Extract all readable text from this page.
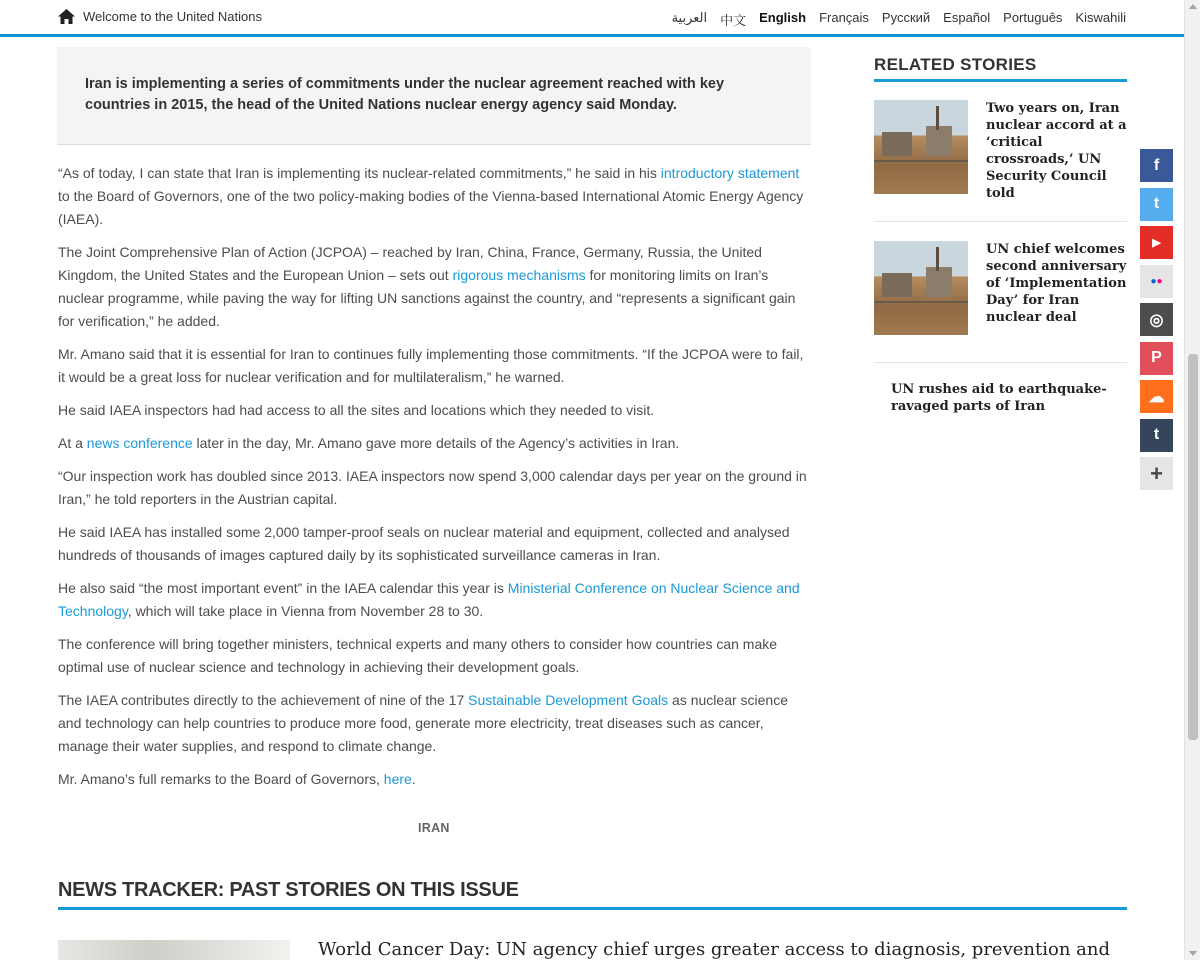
Welcome to the United Nations	العربية 中文 English Français Русский Español Português Kiswahili
Iran is implementing a series of commitments under the nuclear agreement reached with key countries in 2015, the head of the United Nations nuclear energy agency said Monday.

“As of today, I can state that Iran is implementing its nuclear-related commitments,” he said in his introductory statement to the Board of Governors, one of the two policy-making bodies of the Vienna-based International Atomic Energy Agency (IAEA).

The Joint Comprehensive Plan of Action (JCPOA) – reached by Iran, China, France, Germany, Russia, the United Kingdom, the United States and the European Union – sets out rigorous mechanisms for monitoring limits on Iran’s nuclear programme, while paving the way for lifting UN sanctions against the country, and “represents a significant gain for verification,” he added.

Mr. Amano said that it is essential for Iran to continues fully implementing those commitments. “If the JCPOA were to fail, it would be a great loss for nuclear verification and for multilateralism,” he warned.

He said IAEA inspectors had had access to all the sites and locations which they needed to visit.

At a news conference later in the day, Mr. Amano gave more details of the Agency’s activities in Iran.

“Our inspection work has doubled since 2013. IAEA inspectors now spend 3,000 calendar days per year on the ground in Iran,” he told reporters in the Austrian capital.

He said IAEA has installed some 2,000 tamper-proof seals on nuclear material and equipment, collected and analysed hundreds of thousands of images captured daily by its sophisticated surveillance cameras in Iran.

He also said “the most important event” in the IAEA calendar this year is Ministerial Conference on Nuclear Science and Technology, which will take place in Vienna from November 28 to 30.

The conference will bring together ministers, technical experts and many others to consider how countries can make optimal use of nuclear science and technology in achieving their development goals.

The IAEA contributes directly to the achievement of nine of the 17 Sustainable Development Goals as nuclear science and technology can help countries to produce more food, generate more electricity, treat diseases such as cancer, manage their water supplies, and respond to climate change.

Mr. Amano’s full remarks to the Board of Governors, here.

IRAN
RELATED STORIES
Two years on, Iran nuclear accord at a ‘critical crossroads,’ UN Security Council told
UN chief welcomes second anniversary of ‘Implementation Day’ for Iran nuclear deal
UN rushes aid to earthquake-ravaged parts of Iran
f
t
▶
● ●
◎
P
☁
t
+
NEWS TRACKER: PAST STORIES ON THIS ISSUE
World Cancer Day: UN agency chief urges greater access to diagnosis, prevention and
